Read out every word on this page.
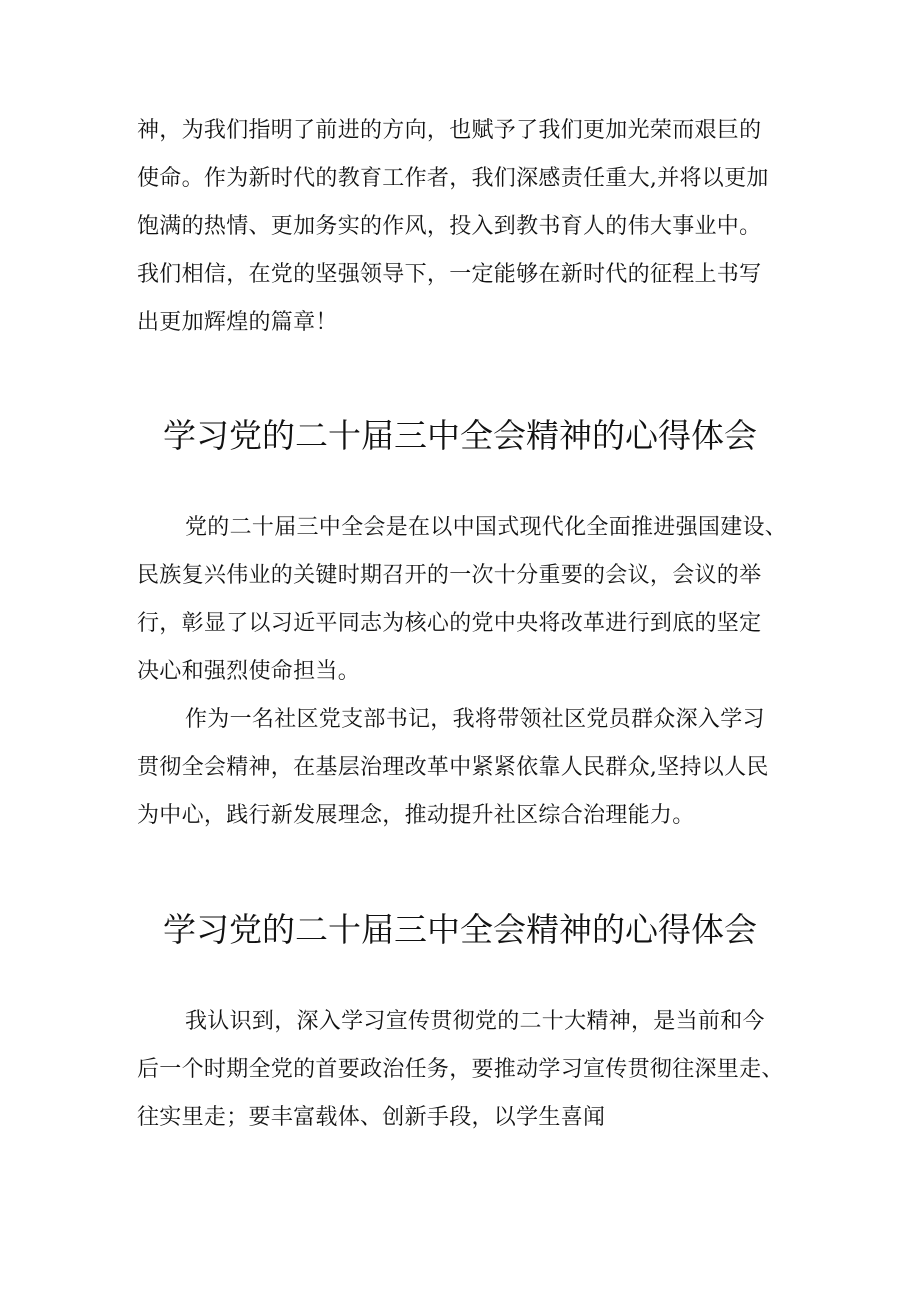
神，为我们指明了前进的方向，也赋予了我们更加光荣而艰巨的
使命。作为新时代的教育工作者，我们深感责任重大,并将以更加
饱满的热情、更加务实的作风，投入到教书育人的伟大事业中。
我们相信，在党的坚强领导下，一定能够在新时代的征程上书写
出更加辉煌的篇章！
学习党的二十届三中全会精神的心得体会
党的二十届三中全会是在以中国式现代化全面推进强国建设、
民族复兴伟业的关键时期召开的一次十分重要的会议，会议的举
行，彰显了以习近平同志为核心的党中央将改革进行到底的坚定
决心和强烈使命担当。
作为一名社区党支部书记，我将带领社区党员群众深入学习
贯彻全会精神，在基层治理改革中紧紧依靠人民群众,坚持以人民
为中心，践行新发展理念，推动提升社区综合治理能力。
学习党的二十届三中全会精神的心得体会
我认识到，深入学习宣传贯彻党的二十大精神，是当前和今
后一个时期全党的首要政治任务，要推动学习宣传贯彻往深里走、
往实里走；要丰富载体、创新手段，以学生喜闻
